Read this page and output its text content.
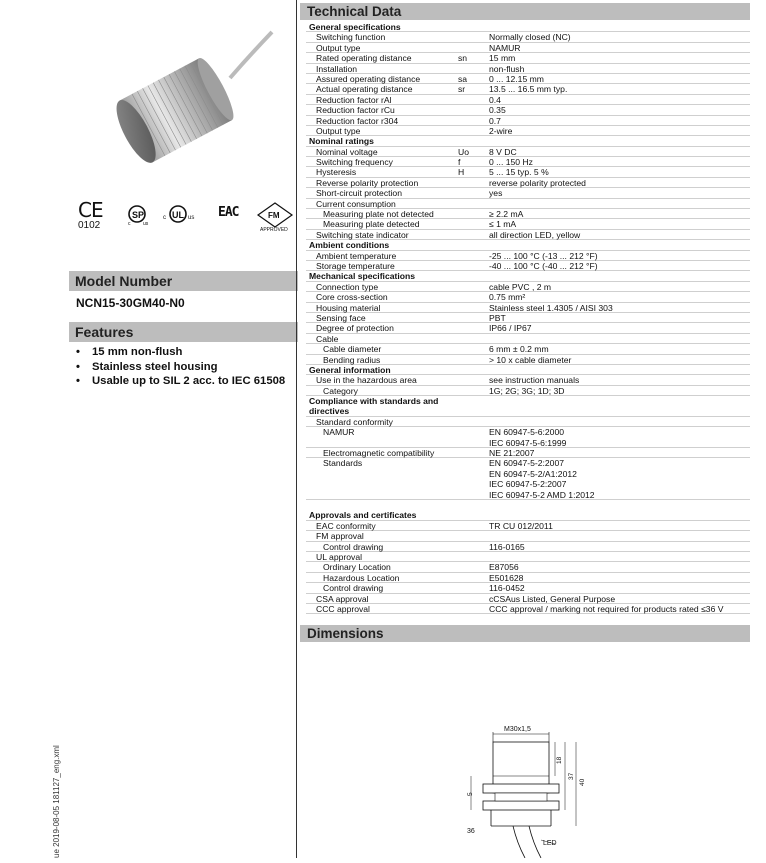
CE
0102
SP
c	us
c UL us EAC	FM
APPROVED
Model Number
NCN15-30GM40-N0
Features
• 15 mm non-flush
• Stainless steel housing
• Usable up to SIL 2 acc. to IEC 61508
ue 2019-08-05 181127_eng.xml
Technical Data
General specifications
Switching function	Normally closed (NC)
Output type	NAMUR
Rated operating distance	sn	15 mm
Installation	non-flush
Assured operating distance	sa	0 ... 12.15 mm
Actual operating distance	sr	13.5 ... 16.5 mm typ.
Reduction factor rAl	0.4
Reduction factor rCu	0.35
Reduction factor r304	0.7
Output type	2-wire
Nominal ratings
Nominal voltage	Uo 8 V DC
Switching frequency	f	0 ... 150 Hz
Hysteresis	H	5 ... 15 typ. 5 %
Reverse polarity protection	reverse polarity protected
Short-circuit protection	yes
Current consumption
Measuring plate not detected	≥ 2.2 mA
Measuring plate detected	≤ 1 mA
Switching state indicator	all direction LED, yellow
Ambient conditions
Ambient temperature	-25 ... 100 °C (-13 ... 212 °F)
Storage temperature	-40 ... 100 °C (-40 ... 212 °F)
Mechanical specifications
Connection type	cable PVC , 2 m
Core cross-section	0.75 mm²
Housing material	Stainless steel 1.4305 / AISI 303
Sensing face	PBT
Degree of protection	IP66 / IP67
Cable
Cable diameter	6 mm ± 0.2 mm
Bending radius	> 10 x cable diameter
General information
Use in the hazardous area	see instruction manuals
Category	1G; 2G; 3G; 1D; 3D
Compliance with standards and directives
Standard conformity
NAMUR	EN 60947-5-6:2000
IEC 60947-5-6:1999
Electromagnetic compatibility	NE 21:2007
Standards	EN 60947-5-2:2007
EN 60947-5-2/A1:2012
IEC 60947-5-2:2007
IEC 60947-5-2 AMD 1:2012
Approvals and certificates
EAC conformity	TR CU 012/2011
FM approval
Control drawing	116-0165
UL approval
Ordinary Location	E87056
Hazardous Location	E501628
Control drawing	116-0452
CSA approval	cCSAus Listed, General Purpose
CCC approval	CCC approval / marking not required for products rated ≤36 V
Dimensions
M30x1,5
18
37
40
5
36
LED
